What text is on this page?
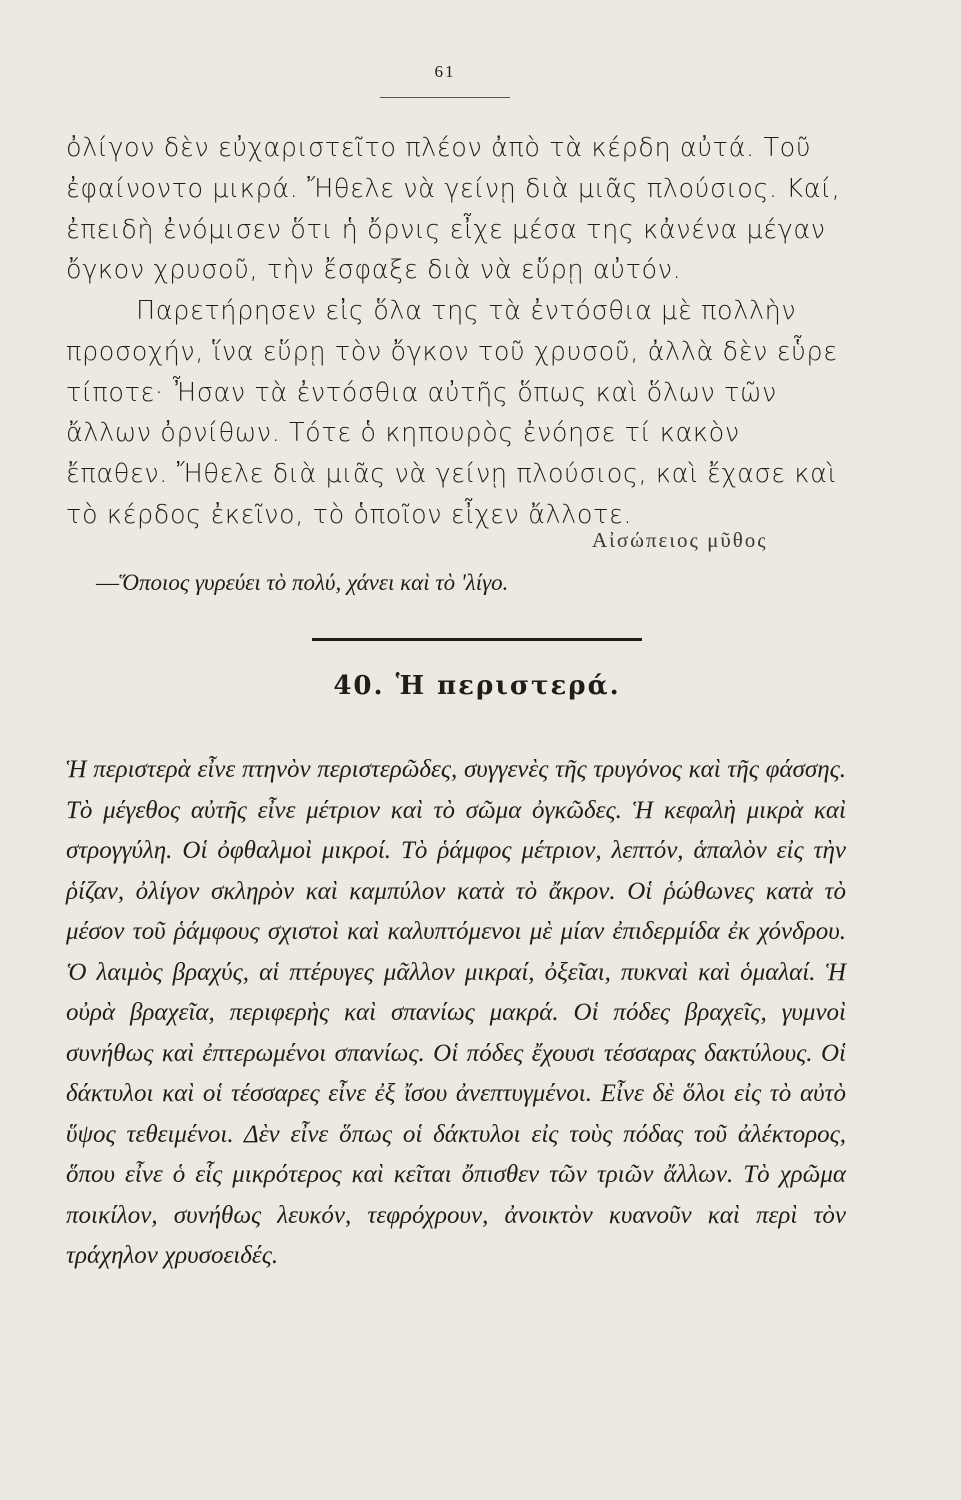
61

ὀλίγον δὲν εὐχαριστεῖτο πλέον ἀπὸ τὰ κέρδη αὐτά. Τοῦ ἐφαίνοντο μικρά. Ἤθελε νὰ γείνῃ διὰ μιᾶς πλούσιος. Καί, ἐπειδὴ ἐνόμισεν ὅτι ἡ ὄρνις εἶχε μέσα της κἀνένα μέγαν ὄγκον χρυσοῦ, τὴν ἔσφαξε διὰ νὰ εὕρῃ αὐτόν.

Παρετήρησεν εἰς ὅλα της τὰ ἐντόσθια μὲ πολλὴν προσοχήν, ἵνα εὕρῃ τὸν ὄγκον τοῦ χρυσοῦ, ἀλλὰ δὲν εὗρε τίποτε· Ἦσαν τὰ ἐντόσθια αὐτῆς ὅπως καὶ ὅλων τῶν ἄλλων ὀρνίθων. Τότε ὁ κηπουρὸς ἐνόησε τί κακὸν ἔπαθεν. Ἤθελε διὰ μιᾶς νὰ γείνῃ πλούσιος, καὶ ἔχασε καὶ τὸ κέρδος ἐκεῖνο, τὸ ὁποῖον εἶχεν ἄλλοτε.

Αἰσώπειος μῦθος
—Ὅποιος γυρεύει τὸ πολύ, χάνει καὶ τὸ 'λίγο.
40. Ἡ περιστερά.

Ἡ περιστερὰ εἶνε πτηνὸν περιστερῶδες, συγγενὲς τῆς τρυγόνος καὶ τῆς φάσσης. Τὸ μέγεθος αὐτῆς εἶνε μέτριον καὶ τὸ σῶμα ὀγκῶδες. Ἡ κεφαλὴ μικρὰ καὶ στρογγύλη. Οἱ ὀφθαλμοὶ μικροί. Τὸ ῥάμφος μέτριον, λεπτόν, ἁπαλὸν εἰς τὴν ῥίζαν, ὀλίγον σκληρὸν καὶ καμπύλον κατὰ τὸ ἄκρον. Οἱ ῥώθωνες κατὰ τὸ μέσον τοῦ ῥάμφους σχιστοὶ καὶ καλυπτόμενοι μὲ μίαν ἐπιδερμίδα ἐκ χόνδρου. Ὁ λαιμὸς βραχύς, αἱ πτέρυγες μᾶλλον μικραί, ὀξεῖαι, πυκναὶ καὶ ὁμαλαί. Ἡ οὐρὰ βραχεῖα, περιφερὴς καὶ σπανίως μακρά. Οἱ πόδες βραχεῖς, γυμνοὶ συνήθως καὶ ἐπτερωμένοι σπανίως. Οἱ πόδες ἔχουσι τέσσαρας δακτύλους. Οἱ δάκτυλοι καὶ οἱ τέσσαρες εἶνε ἐξ ἴσου ἀνεπτυγμένοι. Εἶνε δὲ ὅλοι εἰς τὸ αὐτὸ ὕψος τεθειμένοι. Δὲν εἶνε ὅπως οἱ δάκτυλοι εἰς τοὺς πόδας τοῦ ἀλέκτορος, ὅπου εἶνε ὁ εἷς μικρότερος καὶ κεῖται ὄπισθεν τῶν τριῶν ἄλλων. Τὸ χρῶμα ποικίλον, συνήθως λευκόν, τεφρόχρουν, ἀνοικτὸν κυανοῦν καὶ περὶ τὸν τράχηλον χρυσοειδές.
